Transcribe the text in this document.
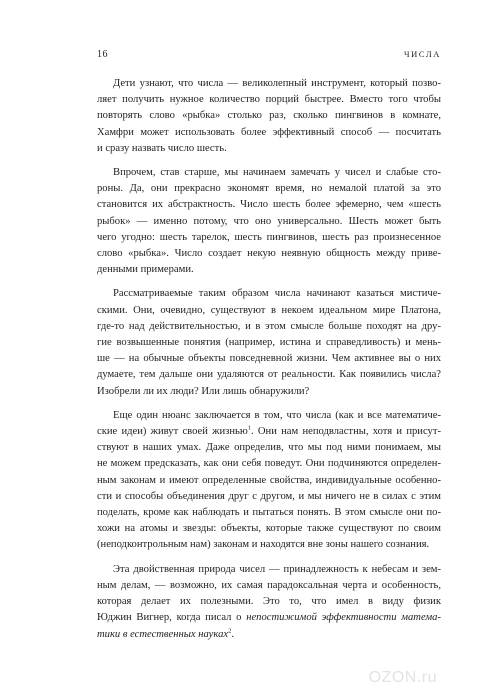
16	ЧИСЛА
Дети узнают, что числа — великолепный инструмент, который позво-
ляет получить нужное количество порций быстрее. Вместо того чтобы
повторять слово «рыбка» столько раз, сколько пингвинов в комнате,
Хамфри может использовать более эффективный способ — посчитать
и сразу назвать число шесть.
Впрочем, став старше, мы начинаем замечать у чисел и слабые сто-
роны. Да, они прекрасно экономят время, но немалой платой за это
становится их абстрактность. Число шесть более эфемерно, чем «шесть
рыбок» — именно потому, что оно универсально. Шесть может быть
чего угодно: шесть тарелок, шесть пингвинов, шесть раз произнесенное
слово «рыбка». Число создает некую неявную общность между приве-
денными примерами.
Рассматриваемые таким образом числа начинают казаться мистиче-
скими. Они, очевидно, существуют в некоем идеальном мире Платона,
где-то над действительностью, и в этом смысле больше походят на дру-
гие возвышенные понятия (например, истина и справедливость) и мень-
ше — на обычные объекты повседневной жизни. Чем активнее вы о них
думаете, тем дальше они удаляются от реальности. Как появились числа?
Изобрели ли их люди? Или лишь обнаружили?
Еще один нюанс заключается в том, что числа (как и все математиче-
ские идеи) живут своей жизнью$^1$. Они нам неподвластны, хотя и присут-
ствуют в наших умах. Даже определив, что мы под ними понимаем, мы
не можем предсказать, как они себя поведут. Они подчиняются определен-
ным законам и имеют определенные свойства, индивидуальные особенно-
сти и способы объединения друг с другом, и мы ничего не в силах с этим
поделать, кроме как наблюдать и пытаться понять. В этом смысле они по-
хожи на атомы и звезды: объекты, которые также существуют по своим
(неподконтрольным нам) законам и находятся вне зоны нашего сознания.
Эта двойственная природа чисел — принадлежность к небесам и зем-
ным делам, — возможно, их самая парадоксальная черта и особенность,
которая делает их полезными. Это то, что имел в виду физик
Юджин Вигнер, когда писал о непостижимой эффективности матема-
тики в естественных науках$^2$.
OZON.ru
